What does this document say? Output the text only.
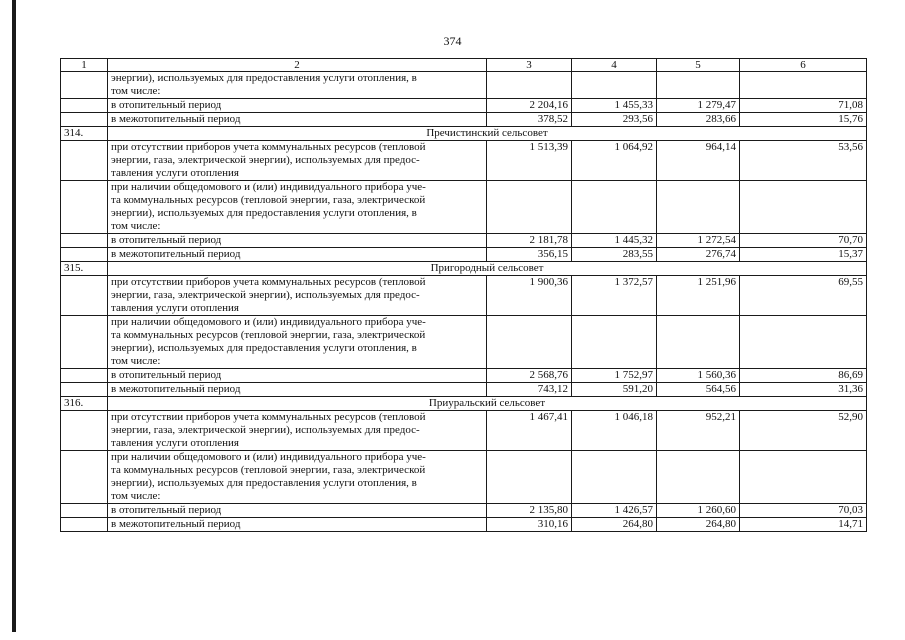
374
1	2	3	4	5	6

	энергии), используемых для предоставления услуги отопления, в
том числе:				

	в отопительный период	2 204,16	1 455,33	1 279,47	71,08
	в межотопительный период	378,52	293,56	283,66	15,76
314.	Пречистинский сельсовет				

	при отсутствии приборов учета коммунальных ресурсов (тепловой
энергии, газа, электрической энергии), используемых для предос-
тавления услуги отопления	1 513,39	1 064,92	964,14	53,56

	при наличии общедомового и (или) индивидуального прибора уче-
та коммунальных ресурсов (тепловой энергии, газа, электрической
энергии), используемых для предоставления услуги отопления, в
том числе:				

	в отопительный период	2 181,78	1 445,32	1 272,54	70,70
	в межотопительный период	356,15	283,55	276,74	15,37
315.	Пригородный сельсовет				

	при отсутствии приборов учета коммунальных ресурсов (тепловой
энергии, газа, электрической энергии), используемых для предос-
тавления услуги отопления	1 900,36	1 372,57	1 251,96	69,55

	при наличии общедомового и (или) индивидуального прибора уче-
та коммунальных ресурсов (тепловой энергии, газа, электрической
энергии), используемых для предоставления услуги отопления, в
том числе:				

	в отопительный период	2 568,76	1 752,97	1 560,36	86,69
	в межотопительный период	743,12	591,20	564,56	31,36
316.	Приуральский сельсовет				

	при отсутствии приборов учета коммунальных ресурсов (тепловой
энергии, газа, электрической энергии), используемых для предос-
тавления услуги отопления	1 467,41	1 046,18	952,21	52,90

	при наличии общедомового и (или) индивидуального прибора уче-
та коммунальных ресурсов (тепловой энергии, газа, электрической
энергии), используемых для предоставления услуги отопления, в
том числе:				

	в отопительный период	2 135,80	1 426,57	1 260,60	70,03
	в межотопительный период	310,16	264,80	264,80	14,71
